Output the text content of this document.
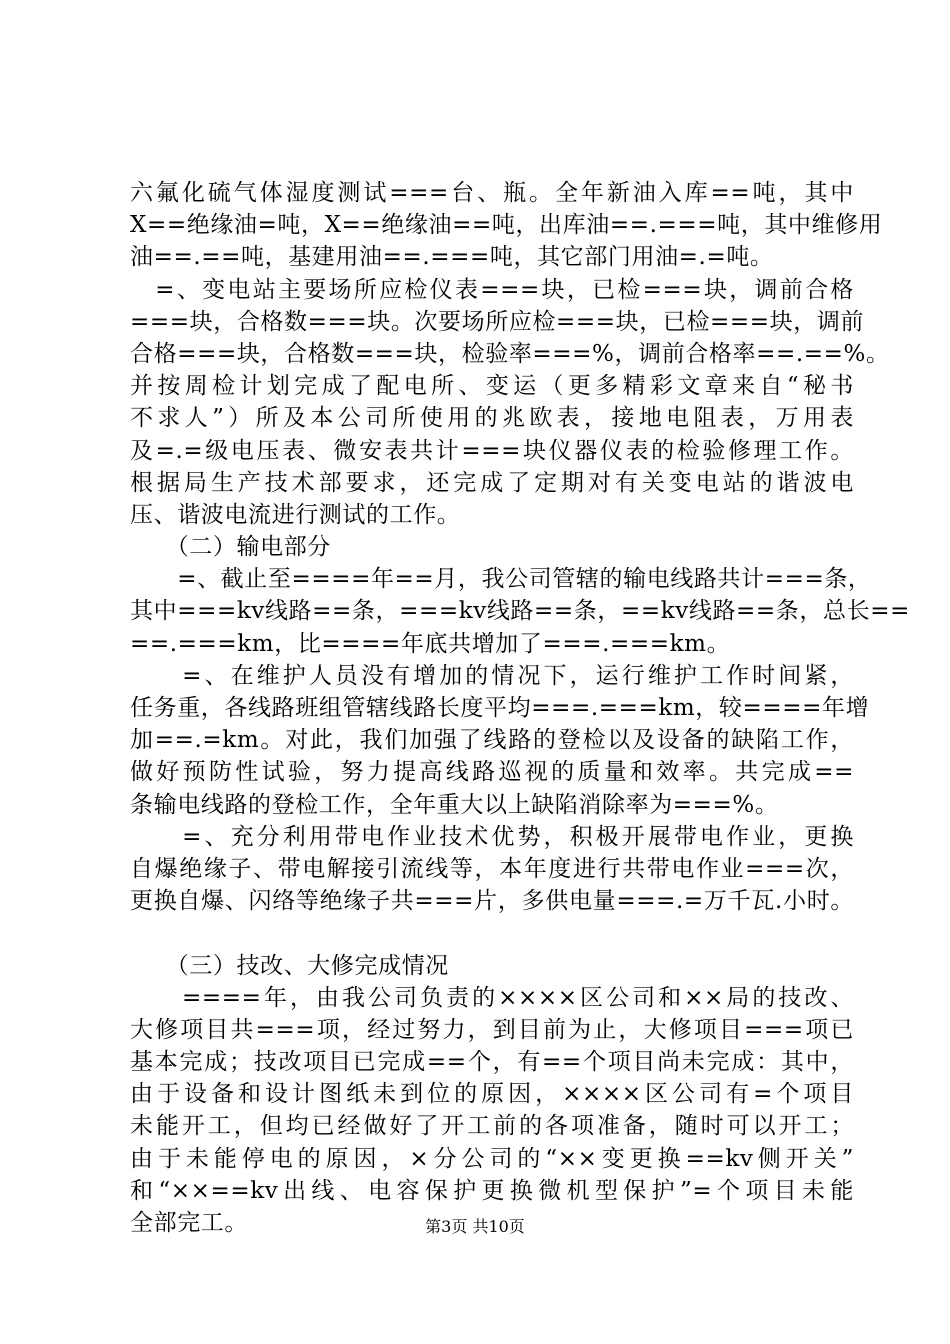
六氟化硫气体湿度测试===台、瓶。全年新油入库==吨，其中
X==绝缘油=吨，X==绝缘油==吨，出库油==.===吨，其中维修用
油==.==吨，基建用油==.===吨，其它部门用油=.=吨。
　=、变电站主要场所应检仪表===块，已检===块，调前合格
===块，合格数===块。次要场所应检===块，已检===块，调前
合格===块，合格数===块，检验率===%，调前合格率==.==%。
并按周检计划完成了配电所、变运（更多精彩文章来自“秘书
不求人”）所及本公司所使用的兆欧表，接地电阻表，万用表
及=.=级电压表、微安表共计===块仪器仪表的检验修理工作。
根据局生产技术部要求，还完成了定期对有关变电站的谐波电
压、谐波电流进行测试的工作。
　　（二）输电部分
　　=、截止至====年==月，我公司管辖的输电线路共计===条，
其中===kv线路==条，===kv线路==条，==kv线路==条，总长==
==.===km，比====年底共增加了===.===km。
　　=、在维护人员没有增加的情况下，运行维护工作时间紧，
任务重，各线路班组管辖线路长度平均===.===km，较====年增
加==.=km。对此，我们加强了线路的登检以及设备的缺陷工作，
做好预防性试验，努力提高线路巡视的质量和效率。共完成==
条输电线路的登检工作，全年重大以上缺陷消除率为===%。
　　=、充分利用带电作业技术优势，积极开展带电作业，更换
自爆绝缘子、带电解接引流线等，本年度进行共带电作业===次，
更换自爆、闪络等绝缘子共===片，多供电量===.=万千瓦.小时。
　　（三）技改、大修完成情况
　　====年，由我公司负责的××××区公司和××局的技改、
大修项目共===项，经过努力，到目前为止，大修项目===项已
基本完成；技改项目已完成==个，有==个项目尚未完成：其中，
由于设备和设计图纸未到位的原因，××××区公司有=个项目
未能开工，但均已经做好了开工前的各项准备，随时可以开工；
由于未能停电的原因，×分公司的“××变更换==kv侧开关”
和“××==kv出线、电容保护更换微机型保护”=个项目未能
全部完工。	第3页 共10页
